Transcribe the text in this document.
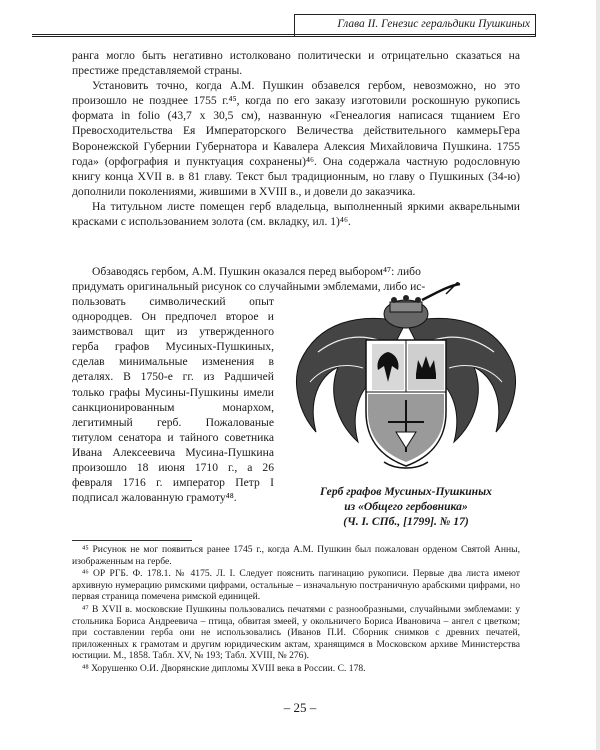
Глава II. Генезис геральдики Пушкиных

ранга могло быть негативно истолковано политически и отрицательно сказаться на престиже представляемой страны.

Установить точно, когда А.М. Пушкин обзавелся гербом, невозможно, но это произошло не позднее 1755 г.⁴⁵, когда по его заказу изготовили роскошную рукопись формата in folio (43,7 x 30,5 см), названную «Генеалогия написася тщанием Его Превосходительства Ея Императорского Величества действительного каммерьГера Воронежской Губернии Губернатора и Кавалера Алексия Михайловича Пушкина. 1755 года» (орфография и пунктуация сохранены)⁴⁶. Она содержала частную родословную книгу конца XVII в. в 81 главу. Текст был традиционным, но главу о Пушкиных (34-ю) дополнили поколениями, жившими в XVIII в., и довели до заказчика.

На титульном листе помещен герб владельца, выполненный яркими акварельными красками с использованием золота (см. вкладку, ил. 1)⁴⁶.

Обзаводясь гербом, А.М. Пушкин оказался перед выбором⁴⁷: либо
придумать оригинальный рисунок со случайными эмблемами, либо ис-
пользовать символический опыт однородцев. Он предпочел второе и заимствовал щит из утвержденного герба графов Мусиных-Пушкиных, сделав минимальные изменения в деталях. В 1750-е гг. из Радшичей только графы Мусины-Пушкины имели санкционированным монархом, легитимный герб. Пожалованые титулом сенатора и тайного советника Ивана Алексеевича Мусина-Пушкина произошло 18 июня 1710 г., а 26 февраля 1716 г. император Петр I подписал жалованную грамоту⁴⁸.	Герб графов Мусиных-Пушкиных
из «Общего гербовника»
(Ч. I. СПб., [1799]. № 17)

⁴⁵ Рисунок не мог появиться ранее 1745 г., когда А.М. Пушкин был пожалован орденом Святой Анны, изображенным на гербе.

⁴⁶ ОР РГБ. Ф. 178.1. № 4175. Л. I. Следует пояснить пагинацию рукописи. Первые два листа имеют архивную нумерацию римскими цифрами, остальные – изначальную постраничную арабскими цифрами, но первая страница помечена римской единицей.

⁴⁷ В XVII в. московские Пушкины пользовались печатями с разнообразными, случайными эмблемами: у стольника Бориса Андреевича – птица, обвитая змеей, у окольничего Бориса Ивановича – ангел с цветком; при составлении герба они не использовались (Иванов П.И. Сборник снимков с древних печатей, приложенных к грамотам и другим юридическим актам, хранящимся в Московском архиве Министерства юстиции. М., 1858. Табл. XV, № 193; Табл. XVIII, № 276).

⁴⁸ Хорушенко О.И. Дворянские дипломы XVIII века в России. С. 178.

– 25 –
